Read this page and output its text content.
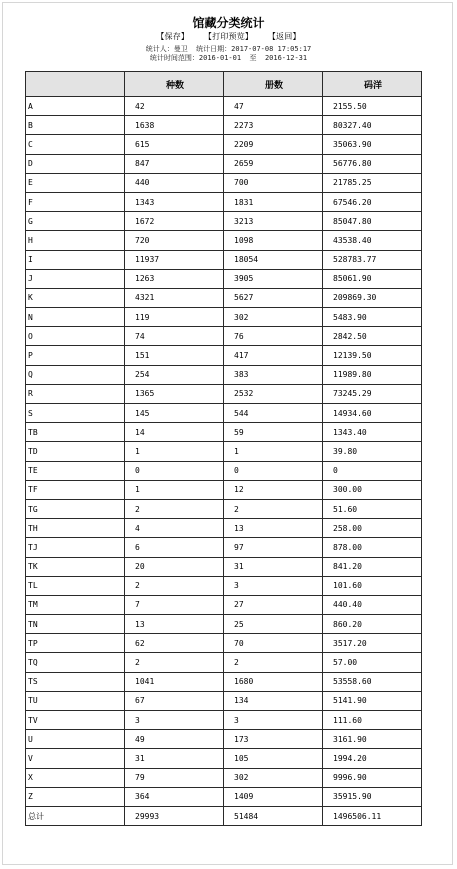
馆藏分类统计
【保存】 【打印预览】 【返回】
统计人：曼卫 统计日期：2017-07-08 17:05:17
统计时间范围：2016-01-01 至 2016-12-31
	种数	册数	码洋
A	42	47	2155.50
B	1638	2273	80327.40
C	615	2209	35063.90
D	847	2659	56776.80
E	440	700	21785.25
F	1343	1831	67546.20
G	1672	3213	85047.80
H	720	1098	43538.40
I	11937	18054	528783.77
J	1263	3905	85061.90
K	4321	5627	209869.30
N	119	302	5483.90
O	74	76	2842.50
P	151	417	12139.50
Q	254	383	11989.80
R	1365	2532	73245.29
S	145	544	14934.60
TB	14	59	1343.40
TD	1	1	39.80
TE	0	0	0
TF	1	12	300.00
TG	2	2	51.60
TH	4	13	258.00
TJ	6	97	878.00
TK	20	31	841.20
TL	2	3	101.60
TM	7	27	440.40
TN	13	25	860.20
TP	62	70	3517.20
TQ	2	2	57.00
TS	1041	1680	53558.60
TU	67	134	5141.90
TV	3	3	111.60
U	49	173	3161.90
V	31	105	1994.20
X	79	302	9996.90
Z	364	1409	35915.90
总计	29993	51484	1496506.11
